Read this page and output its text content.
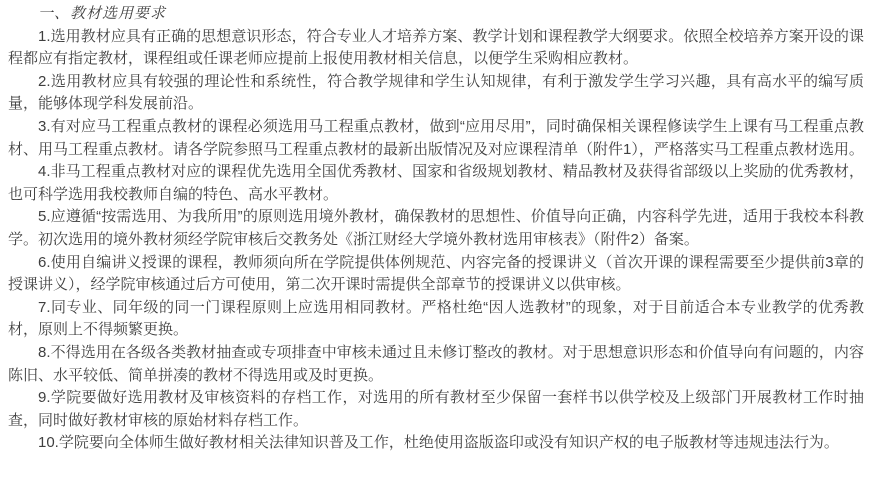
一、教材选用要求

1.选用教材应具有正确的思想意识形态，符合专业人才培养方案、教学计划和课程教学大纲要求。依照全校培养方案开设的课程都应有指定教材，课程组或任课老师应提前上报使用教材相关信息，以便学生采购相应教材。

2.选用教材应具有较强的理论性和系统性，符合教学规律和学生认知规律，有利于激发学生学习兴趣，具有高水平的编写质量，能够体现学科发展前沿。

3.有对应马工程重点教材的课程必须选用马工程重点教材，做到“应用尽用”，同时确保相关课程修读学生上课有马工程重点教材、用马工程重点教材。请各学院参照马工程重点教材的最新出版情况及对应课程清单（附件1），严格落实马工程重点教材选用。

4.非马工程重点教材对应的课程优先选用全国优秀教材、国家和省级规划教材、精品教材及获得省部级以上奖励的优秀教材，也可科学选用我校教师自编的特色、高水平教材。

5.应遵循“按需选用、为我所用”的原则选用境外教材，确保教材的思想性、价值导向正确，内容科学先进，适用于我校本科教学。初次选用的境外教材须经学院审核后交教务处《浙江财经大学境外教材选用审核表》（附件2）备案。

6.使用自编讲义授课的课程，教师须向所在学院提供体例规范、内容完备的授课讲义（首次开课的课程需要至少提供前3章的授课讲义），经学院审核通过后方可使用，第二次开课时需提供全部章节的授课讲义以供审核。

7.同专业、同年级的同一门课程原则上应选用相同教材。严格杜绝“因人选教材”的现象，对于目前适合本专业教学的优秀教材，原则上不得频繁更换。

8.不得选用在各级各类教材抽查或专项排查中审核未通过且未修订整改的教材。对于思想意识形态和价值导向有问题的，内容陈旧、水平较低、简单拼凑的教材不得选用或及时更换。

9.学院要做好选用教材及审核资料的存档工作，对选用的所有教材至少保留一套样书以供学校及上级部门开展教材工作时抽查，同时做好教材审核的原始材料存档工作。

10.学院要向全体师生做好教材相关法律知识普及工作，杜绝使用盗版盗印或没有知识产权的电子版教材等违规违法行为。
